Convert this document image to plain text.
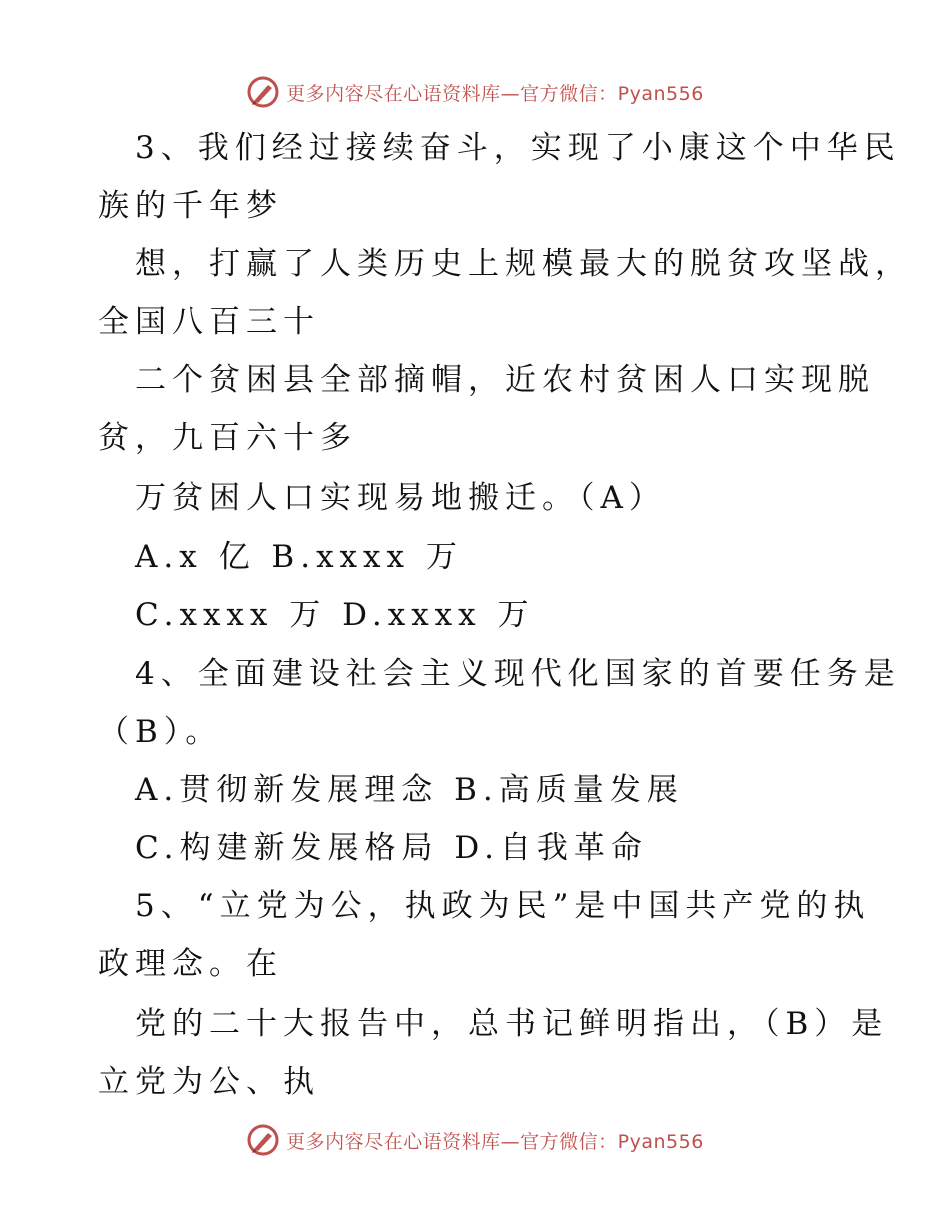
更多内容尽在心语资料库—官方微信：Pyan556
3、我们经过接续奋斗，实现了小康这个中华民
族的千年梦
想，打赢了人类历史上规模最大的脱贫攻坚战，
全国八百三十
二个贫困县全部摘帽，近农村贫困人口实现脱
贫，九百六十多
万贫困人口实现易地搬迁。（A）
A.x 亿 B.xxxx 万
C.xxxx 万 D.xxxx 万
4、全面建设社会主义现代化国家的首要任务是
（B）。
A.贯彻新发展理念 B.高质量发展
C.构建新发展格局 D.自我革命
5、“立党为公，执政为民”是中国共产党的执
政理念。在
党的二十大报告中，总书记鲜明指出，（B）是
立党为公、执
更多内容尽在心语资料库—官方微信：Pyan556
